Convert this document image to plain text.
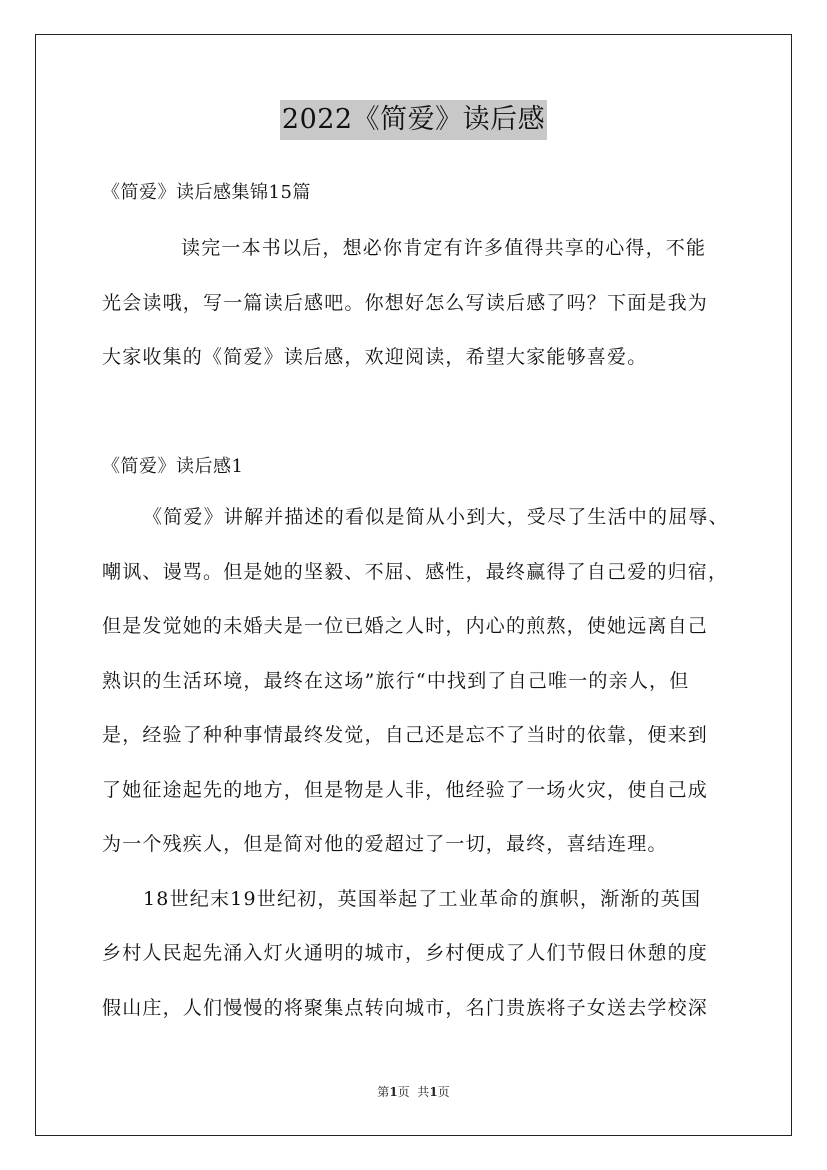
2022《简爱》读后感
《简爱》读后感集锦15篇
读完一本书以后，想必你肯定有许多值得共享的心得，不能
光会读哦，写一篇读后感吧。你想好怎么写读后感了吗？下面是我为
大家收集的《简爱》读后感，欢迎阅读，希望大家能够喜爱。
《简爱》读后感1
《简爱》讲解并描述的看似是简从小到大，受尽了生活中的屈辱、
嘲讽、谩骂。但是她的坚毅、不屈、感性，最终赢得了自己爱的归宿，
但是发觉她的未婚夫是一位已婚之人时，内心的煎熬，使她远离自己
熟识的生活环境，最终在这场”旅行“中找到了自己唯一的亲人，但
是，经验了种种事情最终发觉，自己还是忘不了当时的依靠，便来到
了她征途起先的地方，但是物是人非，他经验了一场火灾，使自己成
为一个残疾人，但是简对他的爱超过了一切，最终，喜结连理。
18世纪末19世纪初，英国举起了工业革命的旗帜，渐渐的英国
乡村人民起先涌入灯火通明的城市，乡村便成了人们节假日休憩的度
假山庄，人们慢慢的将聚集点转向城市，名门贵族将子女送去学校深
第1页  共1页
